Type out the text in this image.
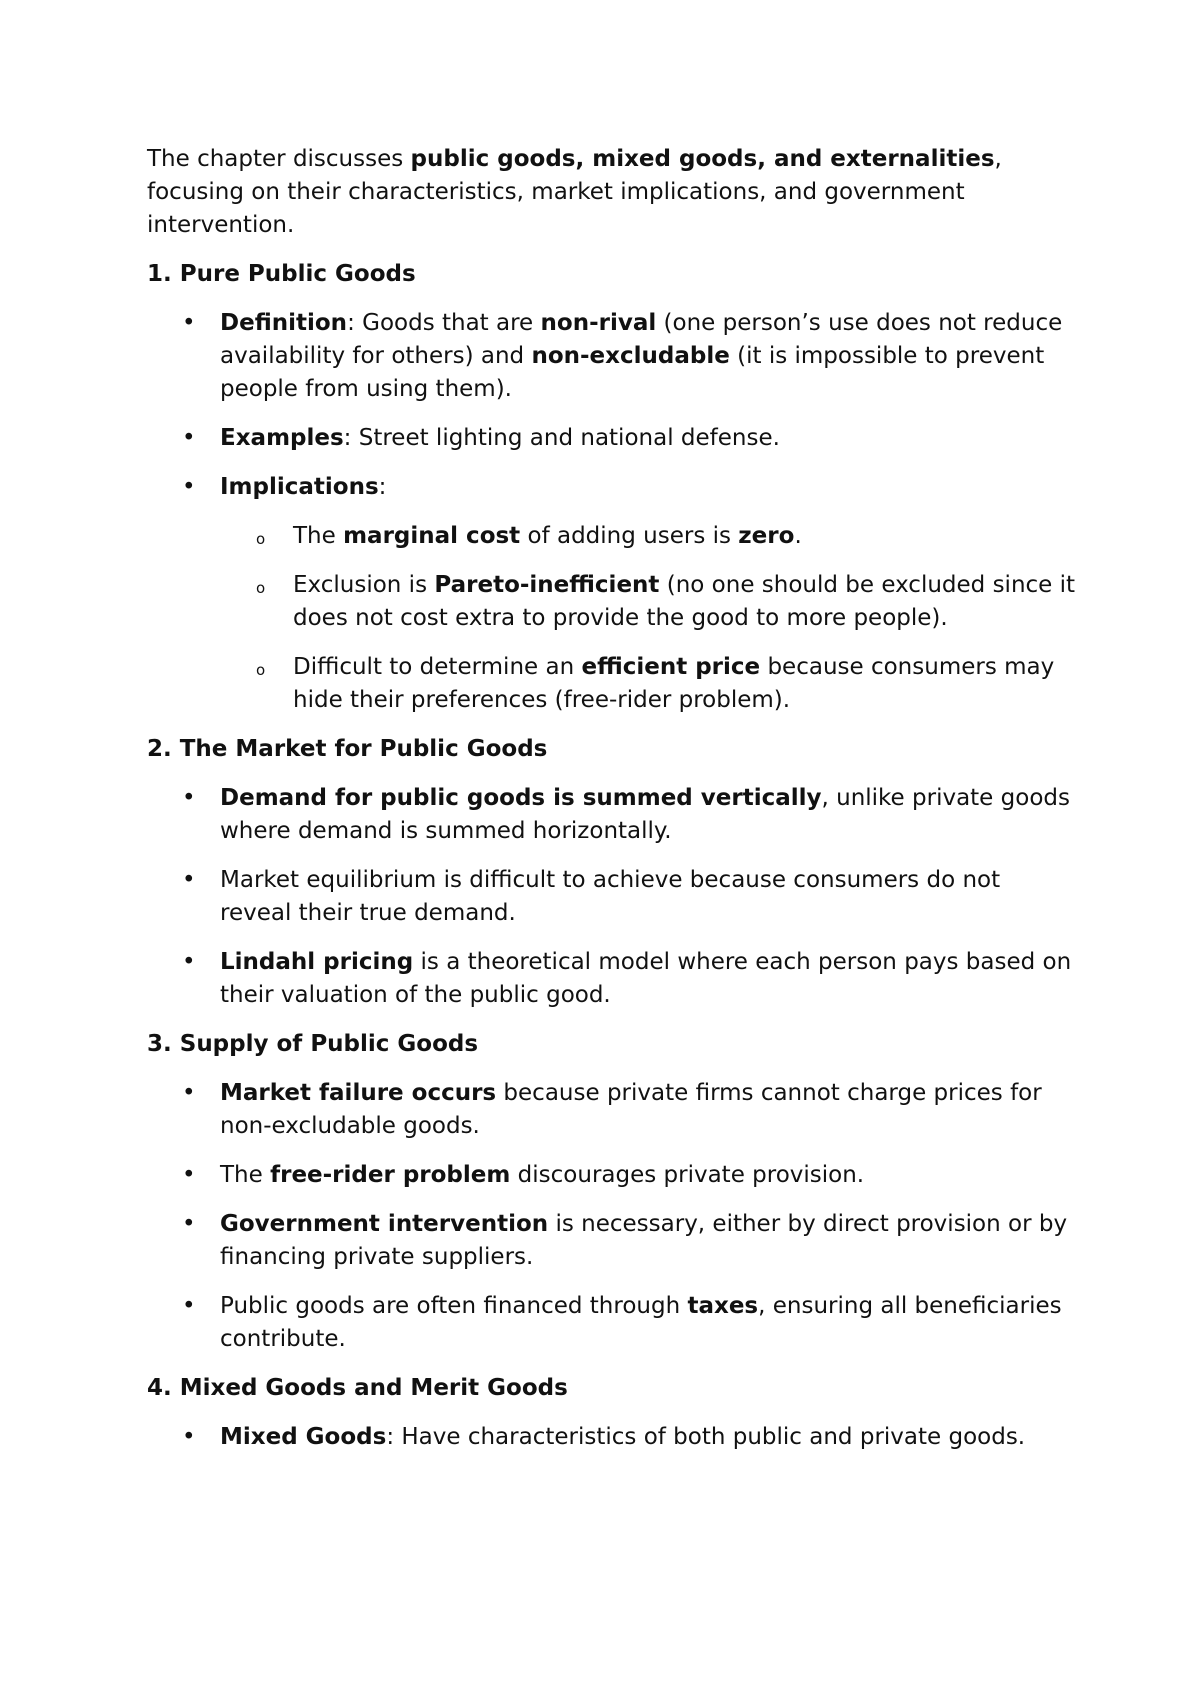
The chapter discusses public goods, mixed goods, and externalities, focusing on their characteristics, market implications, and government intervention.

1. Pure Public Goods

• Definition: Goods that are non-rival (one person’s use does not reduce availability for others) and non-excludable (it is impossible to prevent people from using them).
• Examples: Street lighting and national defense.
• Implications:
o The marginal cost of adding users is zero.
o Exclusion is Pareto-inefficient (no one should be excluded since it does not cost extra to provide the good to more people).
o Difficult to determine an efficient price because consumers may hide their preferences (free-rider problem).

2. The Market for Public Goods

• Demand for public goods is summed vertically, unlike private goods where demand is summed horizontally.
• Market equilibrium is difficult to achieve because consumers do not reveal their true demand.
• Lindahl pricing is a theoretical model where each person pays based on their valuation of the public good.

3. Supply of Public Goods

• Market failure occurs because private firms cannot charge prices for non-excludable goods.
• The free-rider problem discourages private provision.
• Government intervention is necessary, either by direct provision or by financing private suppliers.
• Public goods are often financed through taxes, ensuring all beneficiaries contribute.

4. Mixed Goods and Merit Goods

• Mixed Goods: Have characteristics of both public and private goods.
